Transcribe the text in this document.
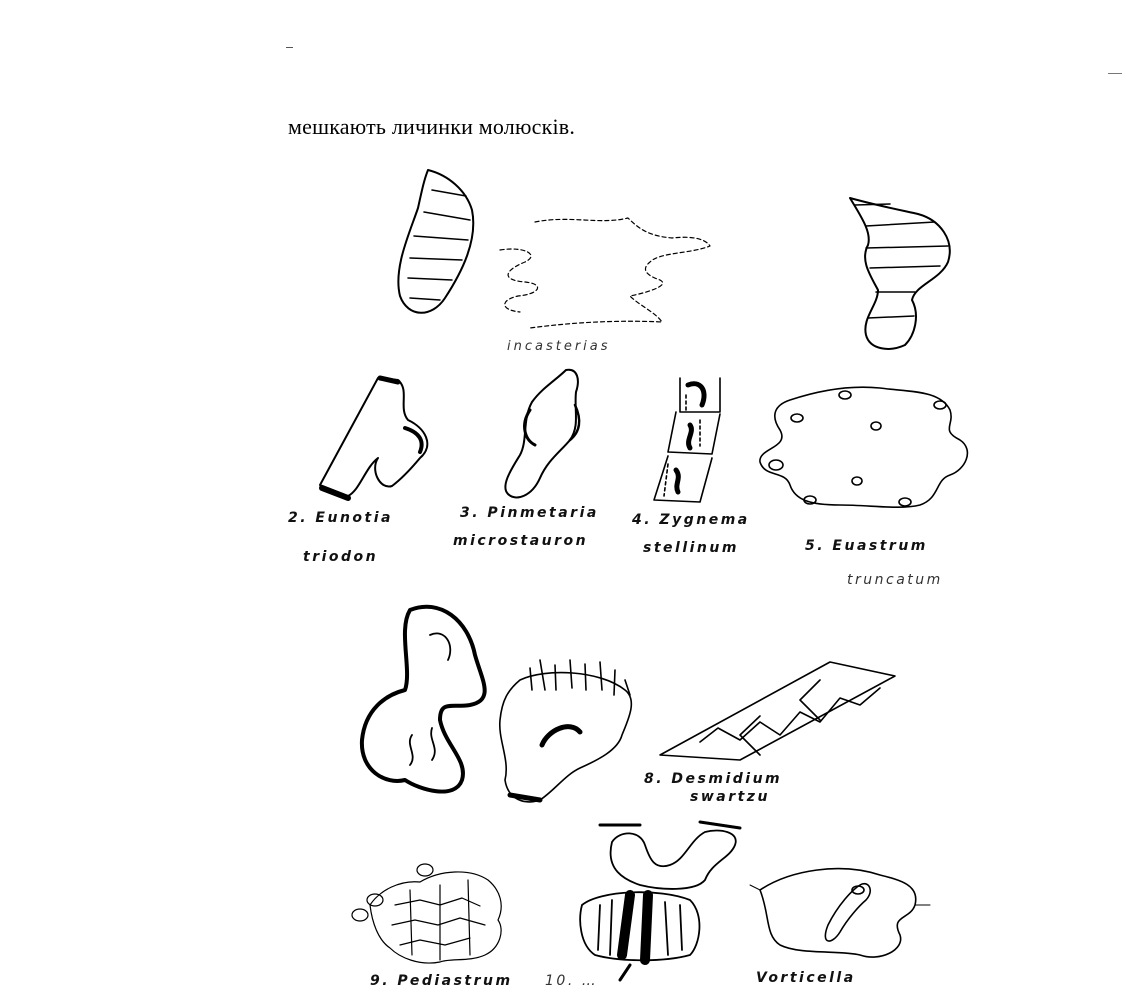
мешкають личинки молюсків.
incasterias
2. Eunotia
triodon
3. Pinmetaria
microstauron
4. Zygnema
stellinum	5. Euastrum
truncatum
8. Desmidium
swartzu
9. Pediastrum 10. …	Vorticella
